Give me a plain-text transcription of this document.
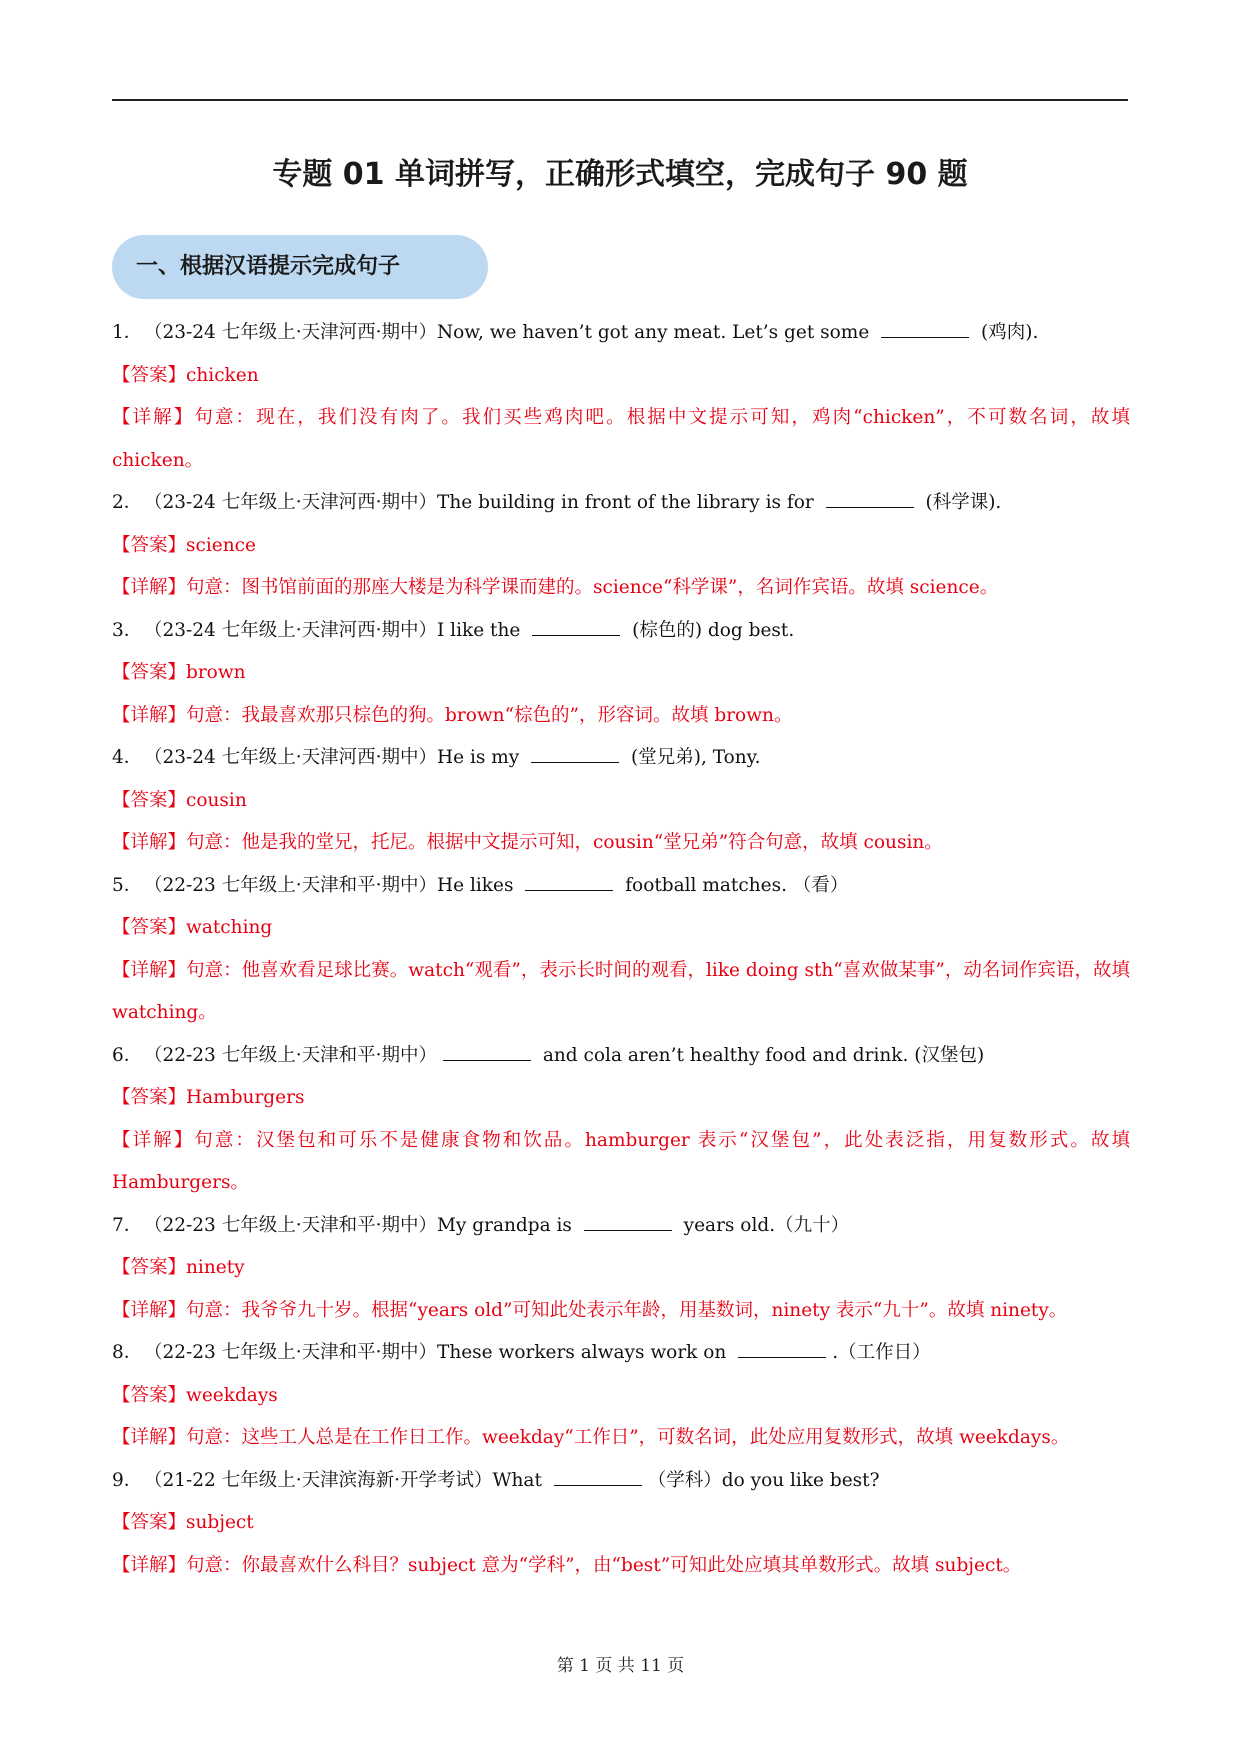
专题 01 单词拼写，正确形式填空，完成句子 90 题
一、根据汉语提示完成句子

1．（23-24 七年级上·天津河西·期中）Now, we haven’t got any meat. Let’s get some	(鸡肉).

【答案】chicken

【详解】句意：现在，我们没有肉了。我们买些鸡肉吧。根据中文提示可知，鸡肉“chicken”，不可数名词，故填 chicken。

2．（23-24 七年级上·天津河西·期中）The building in front of the library is for	(科学课).

【答案】science

【详解】句意：图书馆前面的那座大楼是为科学课而建的。science“科学课”，名词作宾语。故填 science。

3．（23-24 七年级上·天津河西·期中）I like the	(棕色的) dog best.

【答案】brown

【详解】句意：我最喜欢那只棕色的狗。brown“棕色的”，形容词。故填 brown。

4．（23-24 七年级上·天津河西·期中）He is my	(堂兄弟), Tony.

【答案】cousin

【详解】句意：他是我的堂兄，托尼。根据中文提示可知，cousin“堂兄弟”符合句意，故填 cousin。

5．（22-23 七年级上·天津和平·期中）He likes	football matches. （看）

【答案】watching

【详解】句意：他喜欢看足球比赛。watch“观看”，表示长时间的观看，like doing sth“喜欢做某事”，动名词作宾语，故填 watching。

6．（22-23 七年级上·天津和平·期中）	and cola aren’t healthy food and drink. (汉堡包)

【答案】Hamburgers

【详解】句意：汉堡包和可乐不是健康食物和饮品。hamburger 表示“汉堡包”，此处表泛指，用复数形式。故填 Hamburgers。

7．（22-23 七年级上·天津和平·期中）My grandpa is	years old.（九十）

【答案】ninety

【详解】句意：我爷爷九十岁。根据“years old”可知此处表示年龄，用基数词，ninety 表示“九十”。故填 ninety。

8．（22-23 七年级上·天津和平·期中）These workers always work on	.（工作日）

【答案】weekdays

【详解】句意：这些工人总是在工作日工作。weekday“工作日”，可数名词，此处应用复数形式，故填 weekdays。

9．（21-22 七年级上·天津滨海新·开学考试）What	（学科）do you like best?

【答案】subject

【详解】句意：你最喜欢什么科目？subject 意为“学科”，由“best”可知此处应填其单数形式。故填 subject。

第 1 页 共 11 页
